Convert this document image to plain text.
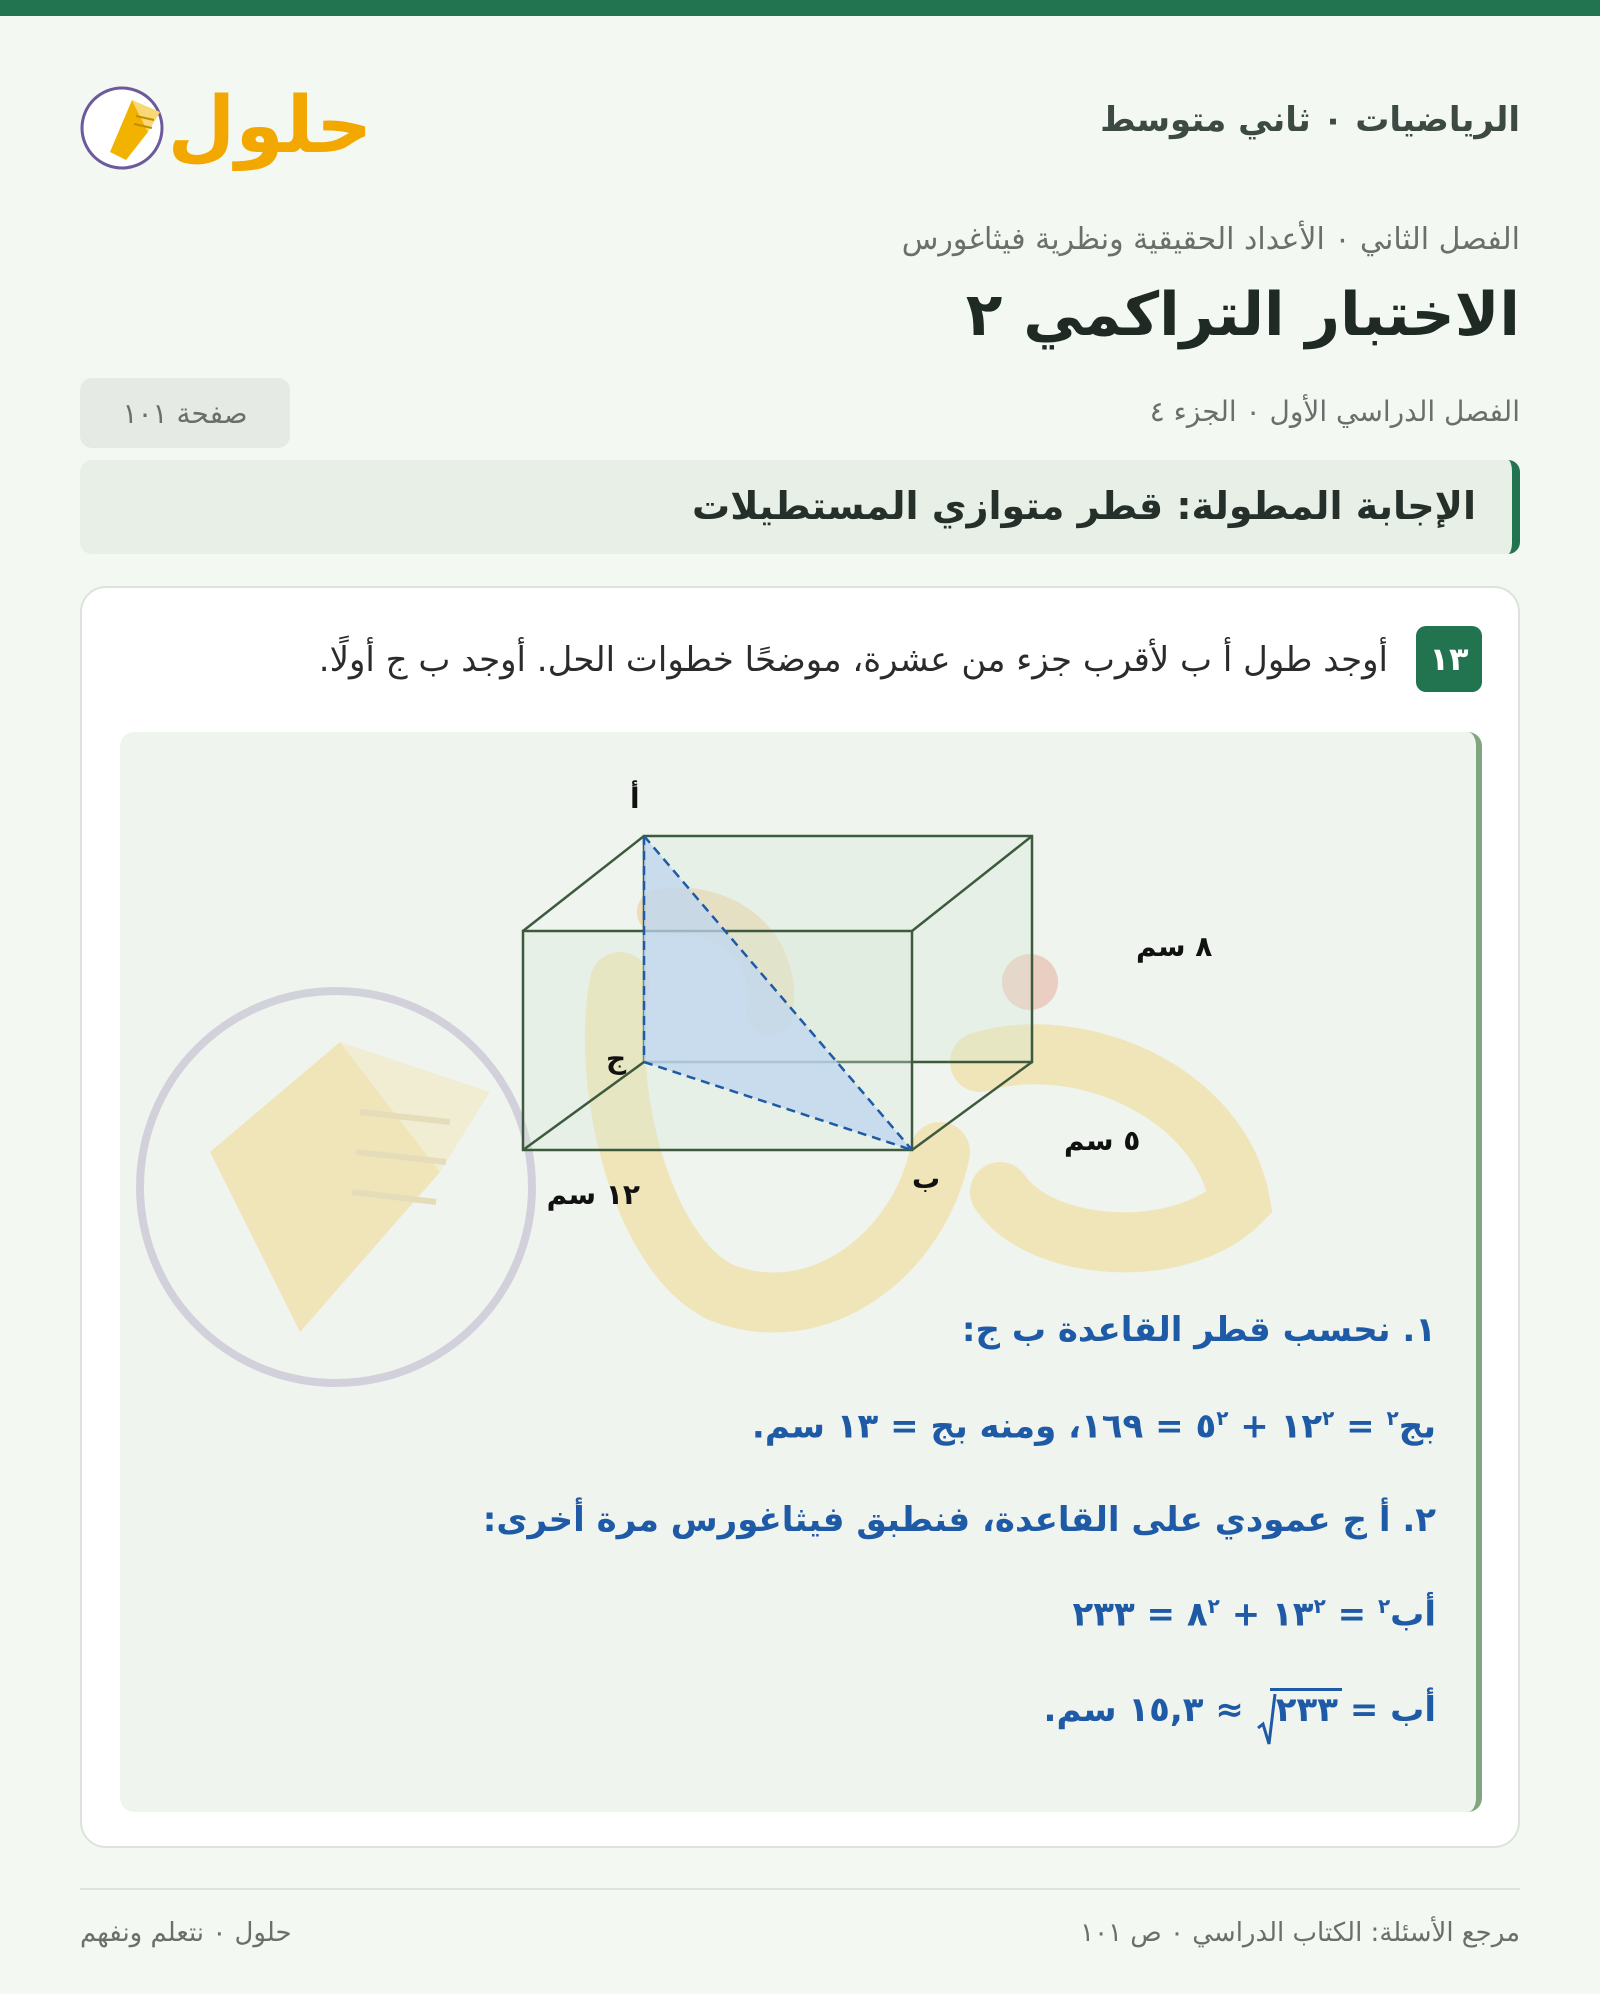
الرياضيات ٠ ثاني متوسط
حلول
الفصل الثاني ٠ الأعداد الحقيقية ونظرية فيثاغورس
الاختبار التراكمي ٢
الفصل الدراسي الأول ٠ الجزء ٤
صفحة ١٠١
الإجابة المطولة: قطر متوازي المستطيلات
١٣
أوجد طول أ ب لأقرب جزء من عشرة، موضحًا خطوات الحل. أوجد ب ج أولًا.
أ
ج
ب
١٢ سم
٥ سم
٨ سم
١. نحسب قطر القاعدة ب ج:
بج$^٢$ = $١٢^٢$ + $٥^٢$ = ١٦٩، ومنه بج = ١٣ سم.
٢. أ ج عمودي على القاعدة، فنطبق فيثاغورس مرة أخرى:
أب$^٢$ = $١٣^٢$ + $٨^٢$ = ٢٣٣
أب =
٢٣٣ ≈ ١٥,٣ سم.
مرجع الأسئلة: الكتاب الدراسي ٠ ص ١٠١
حلول ٠ نتعلم ونفهم
